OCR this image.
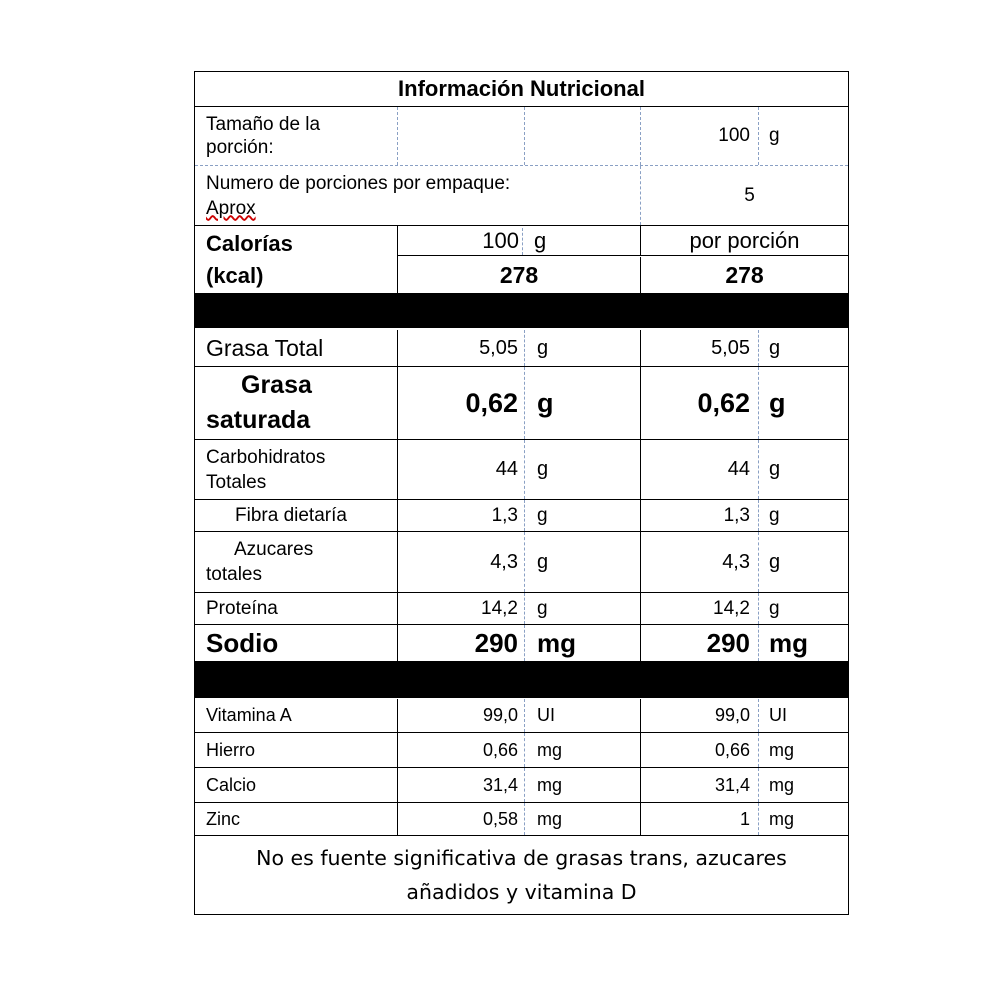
Información Nutricional
Tamaño de la
porción:
100	g
Numero de porciones por empaque:
Aprox
5
Calorías
(kcal)
100 g	por porción
278	278
Grasa Total	5,05 g	5,05 g
Grasa
saturada
0,62 g	0,62 g
Carbohidratos
Totales
44 g	44 g
Fibra dietaría	1,3	g	1,3	g
Azucares
totales
4,3 g	4,3 g
Proteína	14,2	g	14,2	g
Sodio	290 mg	290 mg
Vitamina A	99,0	UI	99,0	UI
Hierro	0,66	mg	0,66	mg
Calcio	31,4	mg	31,4	mg
Zinc	0,58	mg	1	mg
No es fuente significativa de grasas trans, azucares
añadidos y vitamina D
